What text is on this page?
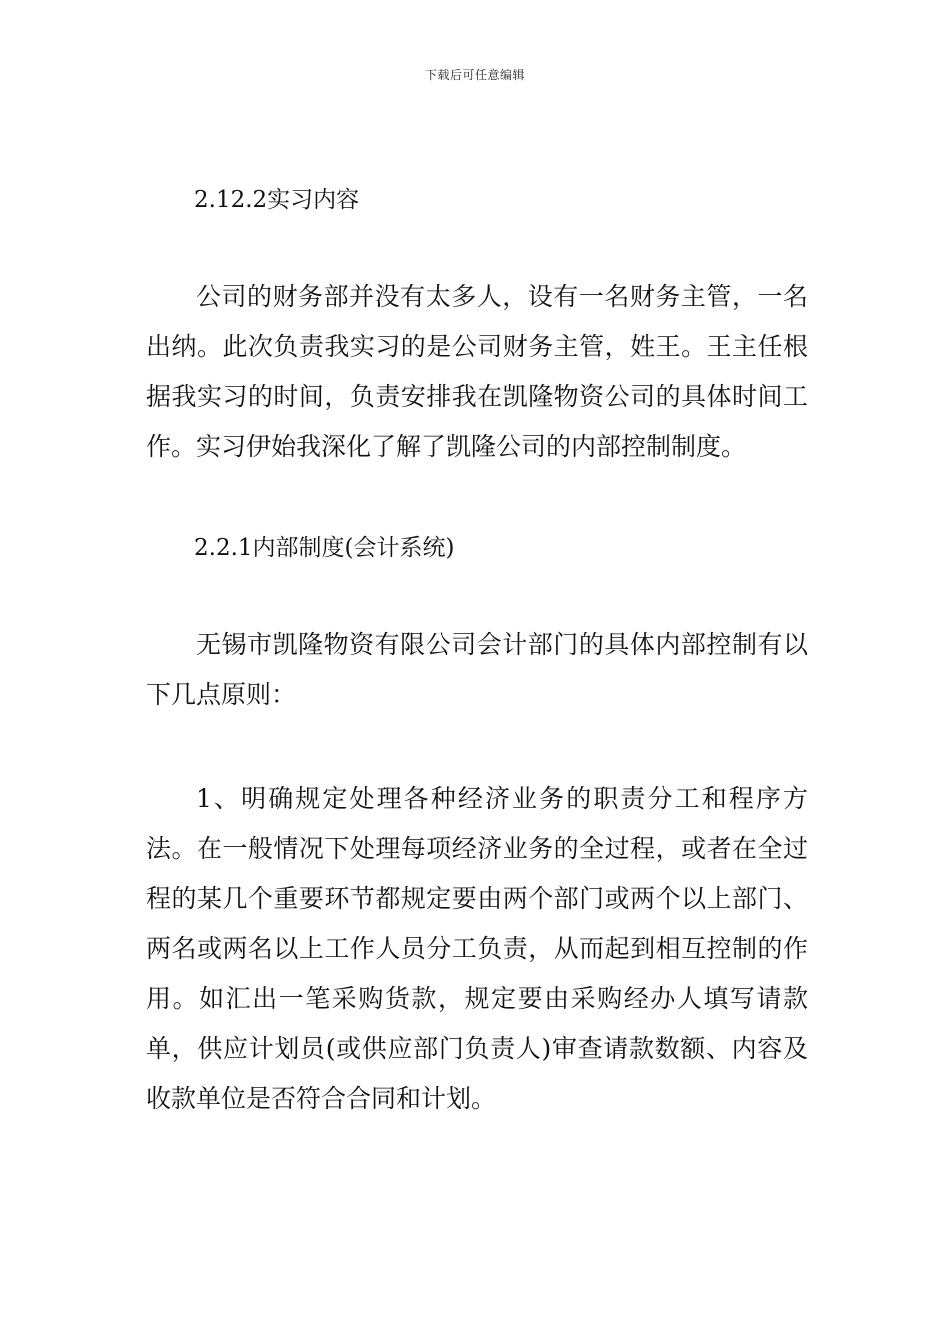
下载后可任意编辑
2.12.2实习内容

公司的财务部并没有太多人，设有一名财务主管，一名出纳。此次负责我实习的是公司财务主管，姓王。王主任根据我实习的时间，负责安排我在凯隆物资公司的具体时间工作。实习伊始我深化了解了凯隆公司的内部控制制度。

2.2.1内部制度(会计系统)

无锡市凯隆物资有限公司会计部门的具体内部控制有以下几点原则：

1、明确规定处理各种经济业务的职责分工和程序方法。在一般情况下处理每项经济业务的全过程，或者在全过程的某几个重要环节都规定要由两个部门或两个以上部门、两名或两名以上工作人员分工负责，从而起到相互控制的作用。如汇出一笔采购货款，规定要由采购经办人填写请款单，供应计划员(或供应部门负责人)审查请款数额、内容及收款单位是否符合合同和计划。
